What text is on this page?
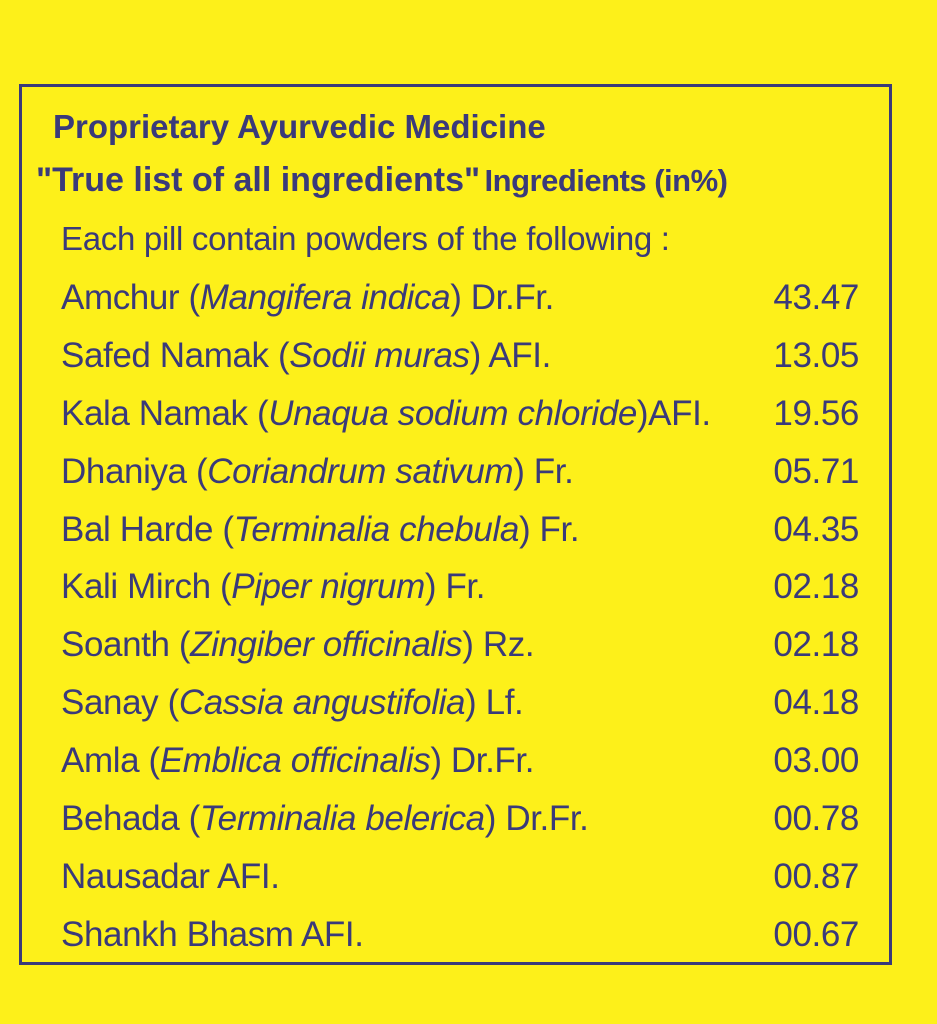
Proprietary Ayurvedic Medicine
"True list of all ingredients" Ingredients (in%)
Each pill contain powders of the following :
Amchur (Mangifera indica) Dr.Fr.	43.47
Safed Namak (Sodii muras) AFI.	13.05
Kala Namak (Unaqua sodium chloride)AFI. 19.56
Dhaniya (Coriandrum sativum) Fr.	05.71
Bal Harde (Terminalia chebula) Fr.	04.35
Kali Mirch (Piper nigrum) Fr.	02.18
Soanth (Zingiber officinalis) Rz.	02.18
Sanay (Cassia angustifolia) Lf.	04.18
Amla (Emblica officinalis) Dr.Fr.	03.00
Behada (Terminalia belerica) Dr.Fr.	00.78
Nausadar AFI.	00.87
Shankh Bhasm AFI.	00.67
